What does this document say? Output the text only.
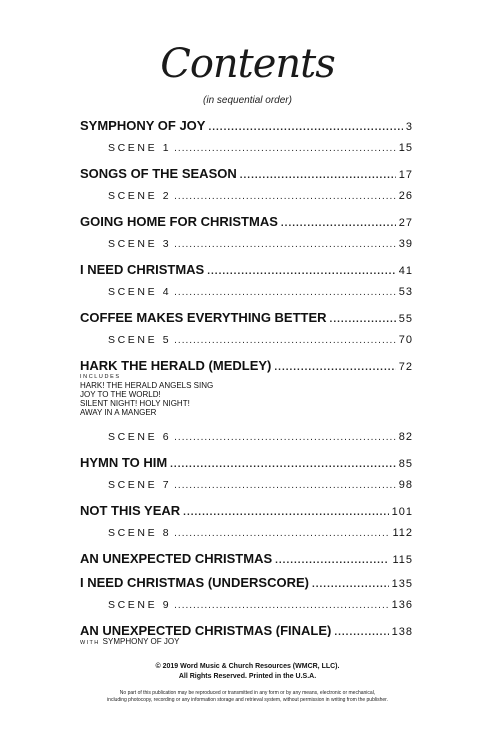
Contents
(in sequential order)
SYMPHONY OF JOY .....	3
SCENE 1 .....	15
SONGS OF THE SEASON .....	17
SCENE 2 .....	26
GOING HOME FOR CHRISTMAS .....	27
SCENE 3 .....	39
I NEED CHRISTMAS .....	41
SCENE 4 .....	53
COFFEE MAKES EVERYTHING BETTER .....	55
SCENE 5 .....	70
HARK THE HERALD (MEDLEY) .....	72
INCLUDES
HARK! THE HERALD ANGELS SING
JOY TO THE WORLD!
SILENT NIGHT! HOLY NIGHT!
AWAY IN A MANGER
SCENE 6 .....	82
HYMN TO HIM .....	85
SCENE 7 .....	98
NOT THIS YEAR .....	101
SCENE 8 .....	112
AN UNEXPECTED CHRISTMAS .....	115
I NEED CHRISTMAS (UNDERSCORE) .....	135
SCENE 9 .....	136
AN UNEXPECTED CHRISTMAS (FINALE) .....	138
WITH SYMPHONY OF JOY
© 2019 Word Music & Church Resources (WMCR, LLC).
All Rights Reserved. Printed in the U.S.A.
No part of this publication may be reproduced or transmitted in any form or by any means, electronic or mechanical,
including photocopy, recording or any information storage and retrieval system, without permission in writing from the publisher.
